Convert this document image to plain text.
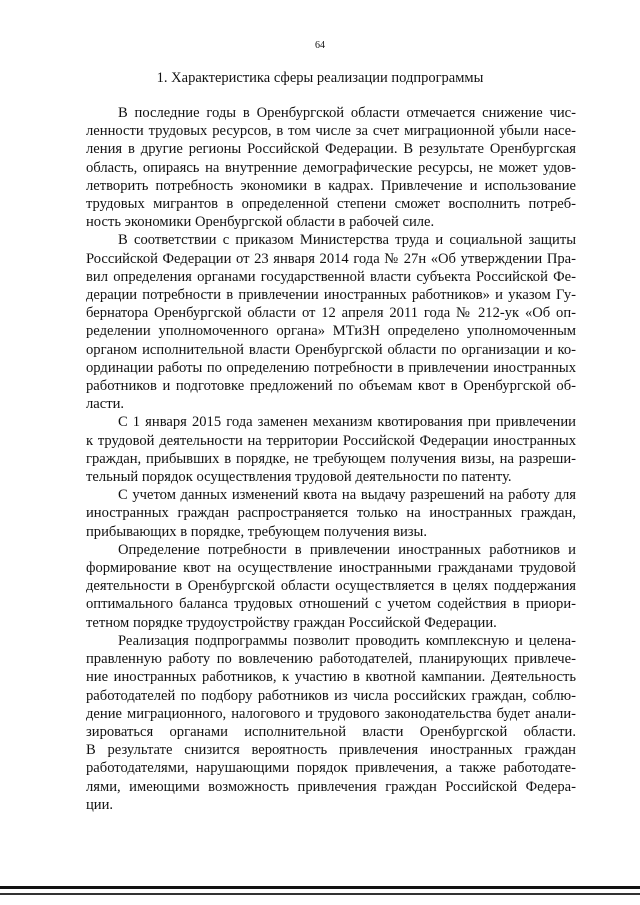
64
1. Характеристика сферы реализации подпрограммы

В последние годы в Оренбургской области отмечается снижение чис-
ленности трудовых ресурсов, в том числе за счет миграционной убыли насе-
ления в другие регионы Российской Федерации. В результате Оренбургская
область, опираясь на внутренние демографические ресурсы, не может удов-
летворить потребность экономики в кадрах. Привлечение и использование
трудовых мигрантов в определенной степени сможет восполнить потреб-
ность экономики Оренбургской области в рабочей силе.

В соответствии с приказом Министерства труда и социальной защиты
Российской Федерации от 23 января 2014 года № 27н «Об утверждении Пра-
вил определения органами государственной власти субъекта Российской Фе-
дерации потребности в привлечении иностранных работников» и указом Гу-
бернатора Оренбургской области от 12 апреля 2011 года № 212-ук «Об оп-
ределении уполномоченного органа» МТиЗН определено уполномоченным
органом исполнительной власти Оренбургской области по организации и ко-
ординации работы по определению потребности в привлечении иностранных
работников и подготовке предложений по объемам квот в Оренбургской об-
ласти.

С 1 января 2015 года заменен механизм квотирования при привлечении
к трудовой деятельности на территории Российской Федерации иностранных
граждан, прибывших в порядке, не требующем получения визы, на разреши-
тельный порядок осуществления трудовой деятельности по патенту.

С учетом данных изменений квота на выдачу разрешений на работу для
иностранных граждан распространяется только на иностранных граждан,
прибывающих в порядке, требующем получения визы.

Определение потребности в привлечении иностранных работников и
формирование квот на осуществление иностранными гражданами трудовой
деятельности в Оренбургской области осуществляется в целях поддержания
оптимального баланса трудовых отношений с учетом содействия в приори-
тетном порядке трудоустройству граждан Российской Федерации.

Реализация подпрограммы позволит проводить комплексную и целена-
правленную работу по вовлечению работодателей, планирующих привлече-
ние иностранных работников, к участию в квотной кампании. Деятельность
работодателей по подбору работников из числа российских граждан, соблю-
дение миграционного, налогового и трудового законодательства будет анали-
зироваться органами исполнительной власти Оренбургской области.
В результате снизится вероятность привлечения иностранных граждан
работодателями, нарушающими порядок привлечения, а также работодате-
лями, имеющими возможность привлечения граждан Российской Федера-
ции.
